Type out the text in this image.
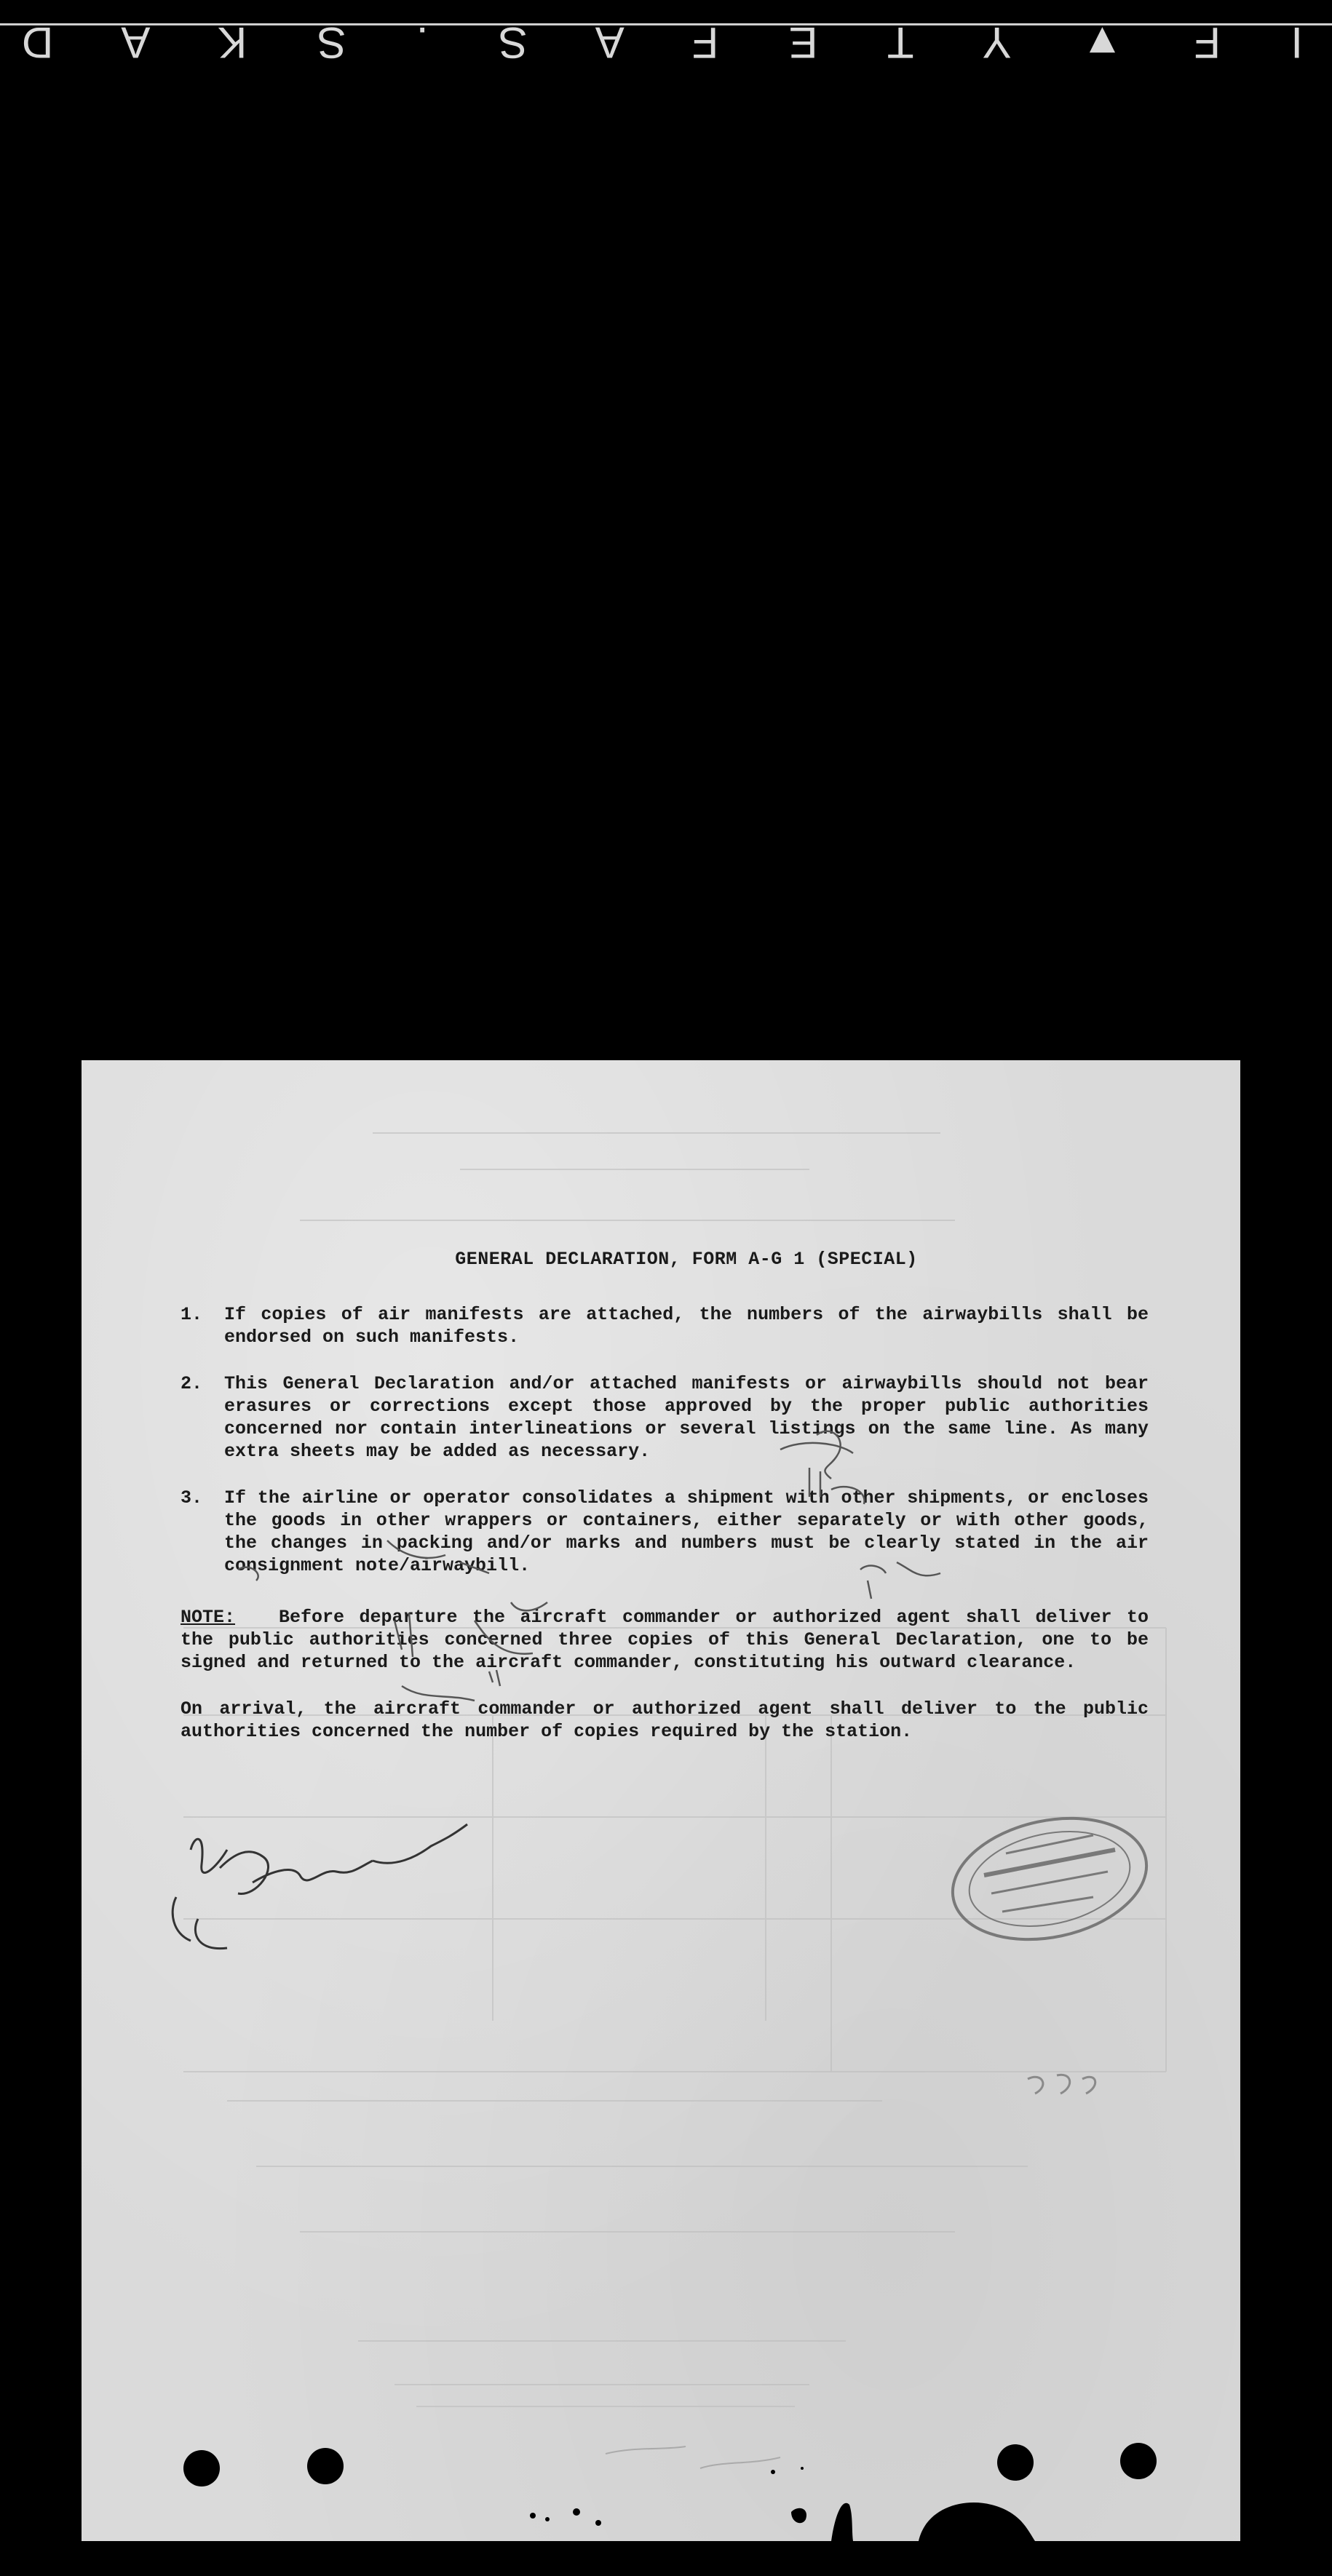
I F ▼ Y T E F A S . S K A D
GENERAL DECLARATION, FORM A-G 1 (SPECIAL)
1.	If copies of air manifests are attached, the numbers of the airwaybills shall be endorsed on such manifests.
2.	This General Declaration and/or attached manifests or airwaybills should not bear erasures or corrections except those approved by the proper public authorities concerned nor contain interlineations or several listings on the same line. As many extra sheets may be added as necessary.
3.	If the airline or operator consolidates a shipment with other shipments, or encloses the goods in other wrappers or containers, either separately or with other goods, the changes in packing and/or marks and numbers must be clearly stated in the air consignment note/airwaybill.
NOTE: Before departure the aircraft commander or authorized agent shall deliver to the public authorities concerned three copies of this General Declaration, one to be signed and returned to the aircraft commander, constituting his outward clearance.
On arrival, the aircraft commander or authorized agent shall deliver to the public authorities concerned the number of copies required by the station.
